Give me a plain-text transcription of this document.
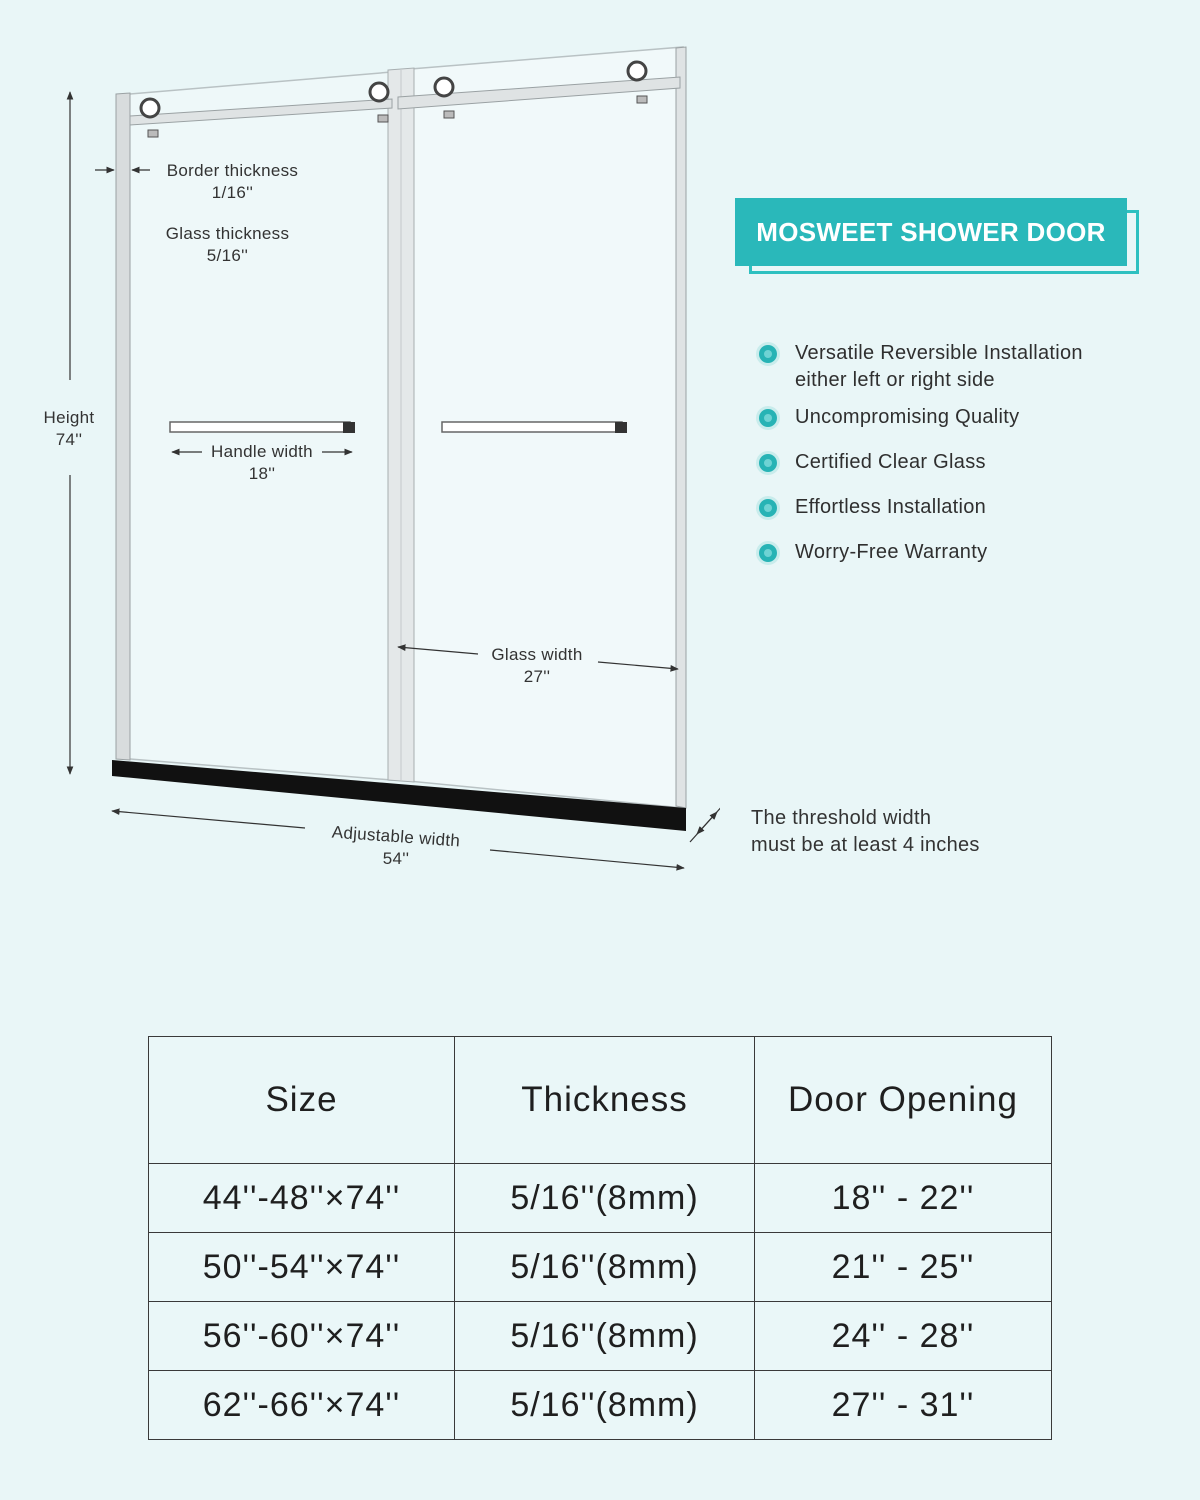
Border thickness
1/16''
Glass thickness
5/16''
Height
74''
Handle width
18''
Glass width
27''
Adjustable width
54''
The threshold width
must be at least 4 inches
MOSWEET SHOWER DOOR
Versatile Reversible Installation
either left or right side
Uncompromising Quality
Certified Clear Glass
Effortless Installation
Worry-Free Warranty
Size	Thickness	Door Opening
44''-48''×74''	5/16''(8mm)	18'' - 22''
50''-54''×74''	5/16''(8mm)	21'' - 25''
56''-60''×74''	5/16''(8mm)	24'' - 28''
62''-66''×74''	5/16''(8mm)	27'' - 31''
